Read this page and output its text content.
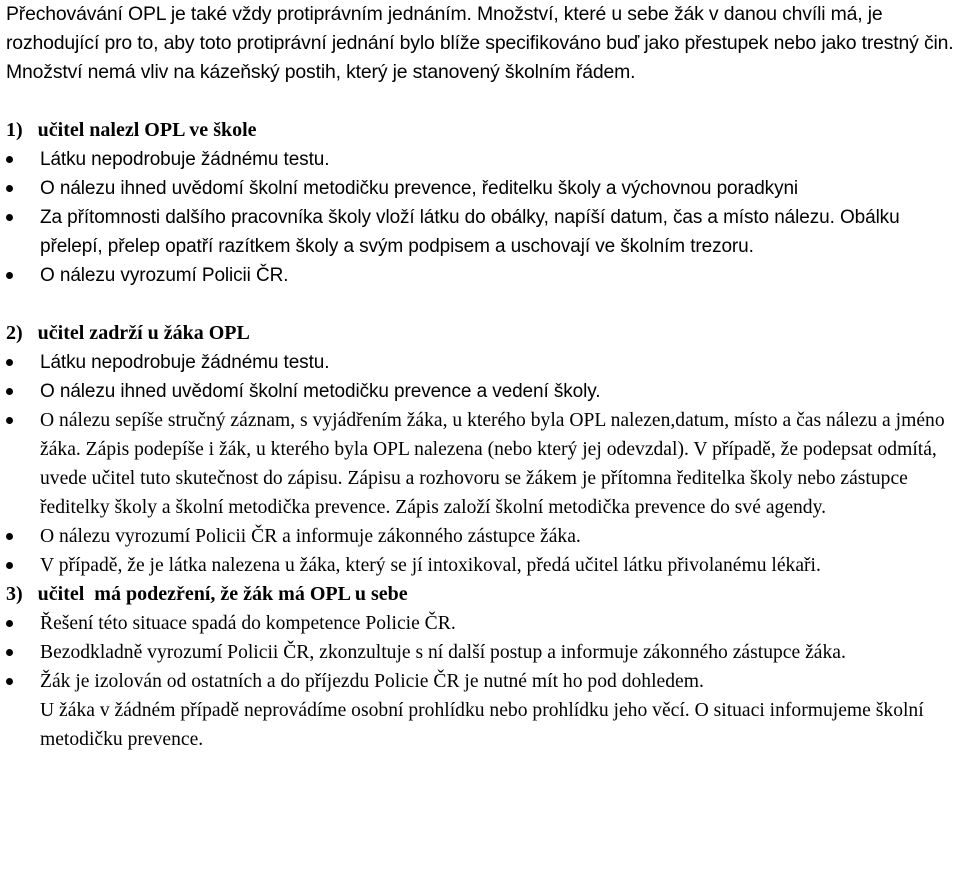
Přechovávání OPL je také vždy protiprávním jednáním. Množství, které u sebe žák v danou chvíli má, je rozhodující pro to, aby toto protiprávní jednání bylo blíže specifikováno buď jako přestupek nebo jako trestný čin. Množství nemá vliv na kázeňský postih, který je stanovený školním řádem.

1)   učitel nalezl OPL ve škole

Látku nepodrobuje žádnému testu.
O nálezu ihned uvědomí školní metodičku prevence, ředitelku školy a výchovnou poradkyni
Za přítomnosti dalšího pracovníka školy vloží látku do obálky, napíší datum, čas a místo nálezu. Obálku přelepí, přelep opatří razítkem školy a svým podpisem a uschovají ve školním trezoru.
O nálezu vyrozumí Policii ČR.

2)   učitel zadrží u žáka OPL

Látku nepodrobuje žádnému testu.
O nálezu ihned uvědomí školní metodičku prevence a vedení školy.
O nálezu sepíše stručný záznam, s vyjádřením žáka, u kterého byla OPL nalezen,datum, místo a čas nálezu a jméno žáka. Zápis podepíše i žák, u kterého byla OPL nalezena (nebo který jej odevzdal). V případě, že podepsat odmítá, uvede učitel tuto skutečnost do zápisu. Zápisu a rozhovoru se žákem je přítomna ředitelka školy nebo zástupce ředitelky školy a školní metodička prevence. Zápis založí školní metodička prevence do své agendy.
O nálezu vyrozumí Policii ČR a informuje zákonného zástupce žáka.
V případě, že je látka nalezena u žáka, který se jí intoxikoval, předá učitel látku přivolanému lékaři.

3)   učitel  má podezření, že žák má OPL u sebe

Řešení této situace spadá do kompetence Policie ČR.
Bezodkladně vyrozumí Policii ČR, zkonzultuje s ní další postup a informuje zákonného zástupce žáka.
Žák je izolován od ostatních a do příjezdu Policie ČR je nutné mít ho pod dohledem.

U žáka v žádném případě neprovádíme osobní prohlídku nebo prohlídku jeho věcí. O situaci informujeme školní metodičku prevence.
